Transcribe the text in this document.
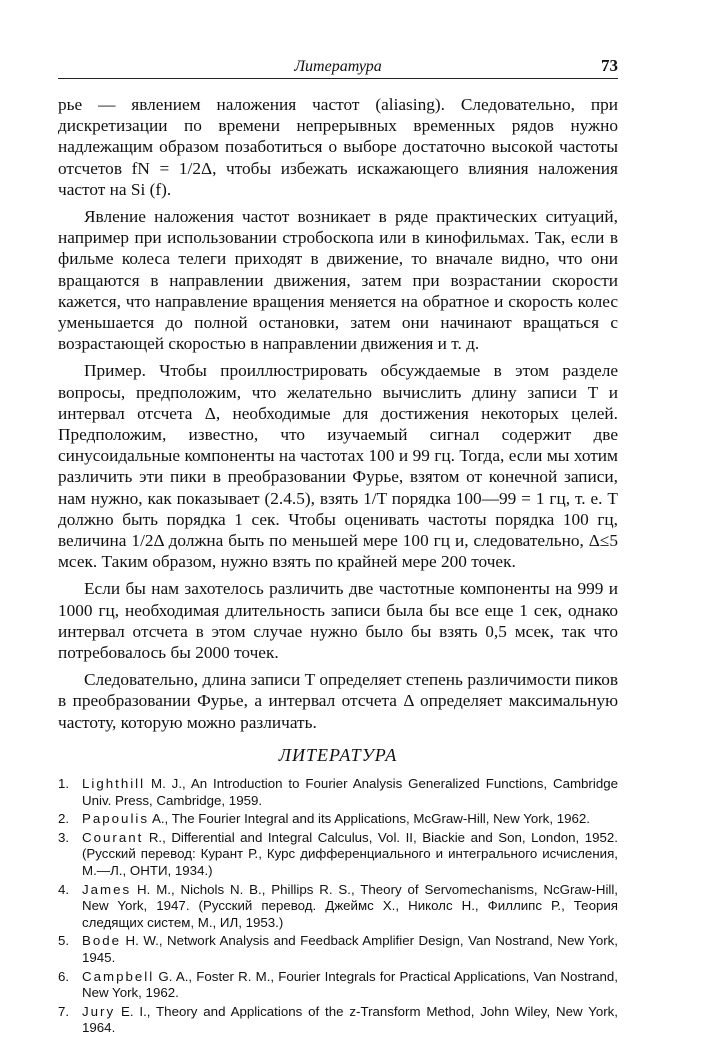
Литература	73

рье — явлением наложения частот (aliasing). Следовательно, при дискретизации по времени непрерывных временных рядов нужно надлежащим образом позаботиться о выборе достаточно высокой частоты отсчетов fN = 1/2Δ, чтобы избежать искажающего влияния наложения частот на Si (f).

Явление наложения частот возникает в ряде практических ситуаций, например при использовании стробоскопа или в кинофильмах. Так, если в фильме колеса телеги приходят в движение, то вначале видно, что они вращаются в направлении движения, затем при возрастании скорости кажется, что направление вращения меняется на обратное и скорость колес уменьшается до полной остановки, затем они начинают вращаться с возрастающей скоростью в направлении движения и т. д.

Пример. Чтобы проиллюстрировать обсуждаемые в этом разделе вопросы, предположим, что желательно вычислить длину записи T и интервал отсчета Δ, необходимые для достижения некоторых целей. Предположим, известно, что изучаемый сигнал содержит две синусоидальные компоненты на частотах 100 и 99 гц. Тогда, если мы хотим различить эти пики в преобразовании Фурье, взятом от конечной записи, нам нужно, как показывает (2.4.5), взять 1/T порядка 100—99 = 1 гц, т. е. T должно быть порядка 1 сек. Чтобы оценивать частоты порядка 100 гц, величина 1/2Δ должна быть по меньшей мере 100 гц и, следовательно, Δ≤5 мсек. Таким образом, нужно взять по крайней мере 200 точек.

Если бы нам захотелось различить две частотные компоненты на 999 и 1000 гц, необходимая длительность записи была бы все еще 1 сек, однако интервал отсчета в этом случае нужно было бы взять 0,5 мсек, так что потребовалось бы 2000 точек.

Следовательно, длина записи T определяет степень различимости пиков в преобразовании Фурье, а интервал отсчета Δ определяет максимальную частоту, которую можно различать.

ЛИТЕРАТУРА
1. Lighthill M. J., An Introduction to Fourier Analysis Generalized Functions, Cambridge Univ. Press, Cambridge, 1959.
2. Papoulis A., The Fourier Integral and its Applications, McGraw-Hill, New York, 1962.
3. Courant R., Differential and Integral Calculus, Vol. II, Biackie and Son, London, 1952. (Русский перевод: Курант Р., Курс дифференциального и интегрального исчисления, М.—Л., ОНТИ, 1934.)
4. James H. M., Nichols N. B., Phillips R. S., Theory of Servomechanisms, NcGraw-Hill, New York, 1947. (Русский перевод. Джеймс X., Николс Н., Филлипс Р., Теория следящих систем, М., ИЛ, 1953.)
5. Bode H. W., Network Analysis and Feedback Amplifier Design, Van Nostrand, New York, 1945.
6. Campbell G. A., Foster R. M., Fourier Integrals for Practical Applications, Van Nostrand, New York, 1962.
7. Jury E. I., Theory and Applications of the z-Transform Method, John Wiley, New York, 1964.
